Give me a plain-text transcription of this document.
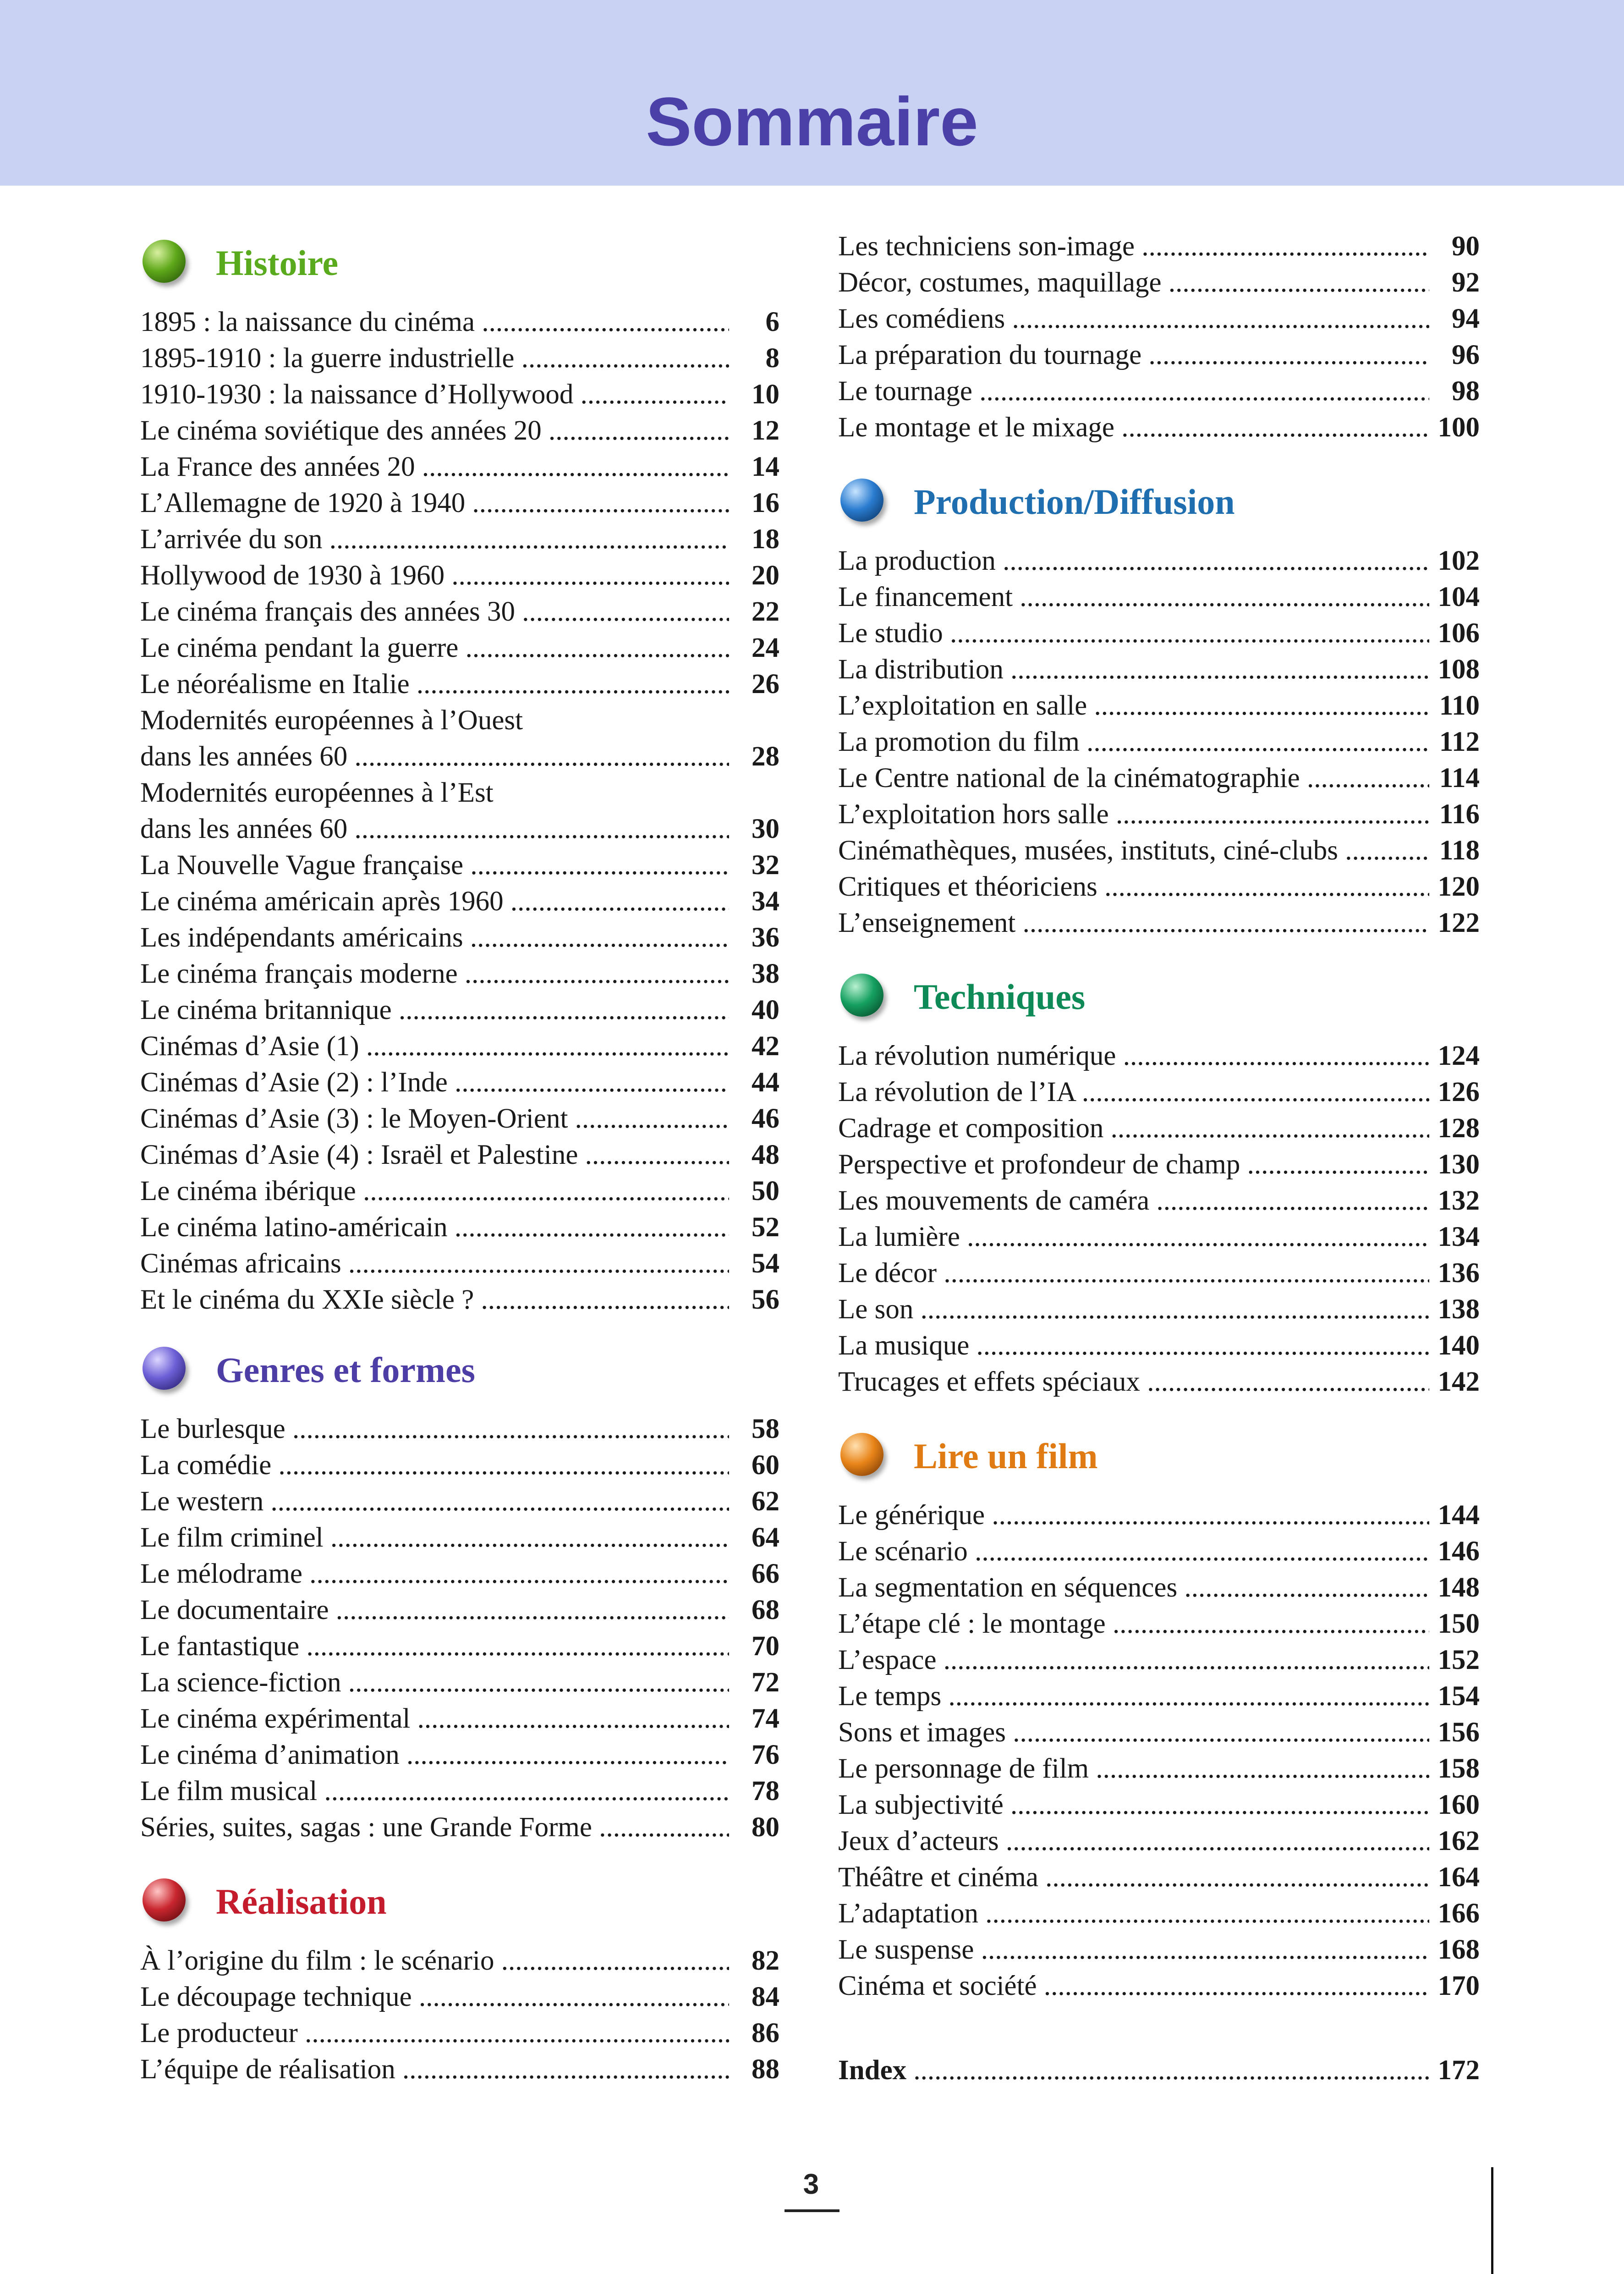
Sommaire
Histoire
1895 : la naissance du cinéma .....	6
1895-1910 : la guerre industrielle .....	8
1910-1930 : la naissance d’Hollywood .....	10
Le cinéma soviétique des années 20 .....	12
La France des années 20 .....	14
L’Allemagne de 1920 à 1940 .....	16
L’arrivée du son .....	18
Hollywood de 1930 à 1960 .....	20
Le cinéma français des années 30 .....	22
Le cinéma pendant la guerre .....	24
Le néoréalisme en Italie .....	26
Modernités européennes à l’Ouest
dans les années 60 .....	28
Modernités européennes à l’Est
dans les années 60 .....	30
La Nouvelle Vague française .....	32
Le cinéma américain après 1960 .....	34
Les indépendants américains .....	36
Le cinéma français moderne .....	38
Le cinéma britannique .....	40
Cinémas d’Asie (1) .....	42
Cinémas d’Asie (2) : l’Inde .....	44
Cinémas d’Asie (3) : le Moyen-Orient .....	46
Cinémas d’Asie (4) : Israël et Palestine .....	48
Le cinéma ibérique .....	50
Le cinéma latino-américain .....	52
Cinémas africains .....	54
Et le cinéma du XXIe siècle ? .....	56
Genres et formes
Le burlesque .....	58
La comédie .....	60
Le western .....	62
Le film criminel .....	64
Le mélodrame .....	66
Le documentaire .....	68
Le fantastique .....	70
La science-fiction .....	72
Le cinéma expérimental .....	74
Le cinéma d’animation .....	76
Le film musical .....	78
Séries, suites, sagas : une Grande Forme .....	80
Réalisation
À l’origine du film : le scénario .....	82
Le découpage technique .....	84
Le producteur .....	86
L’équipe de réalisation .....	88
Les techniciens son-image .....	90
Décor, costumes, maquillage .....	92
Les comédiens .....	94
La préparation du tournage .....	96
Le tournage .....	98
Le montage et le mixage .....	100
Production/Diffusion
La production .....	102
Le financement .....	104
Le studio .....	106
La distribution .....	108
L’exploitation en salle .....	110
La promotion du film .....	112
Le Centre national de la cinématographie .....	114
L’exploitation hors salle .....	116
Cinémathèques, musées, instituts, ciné-clubs .....	118
Critiques et théoriciens .....	120
L’enseignement .....	122
Techniques
La révolution numérique .....	124
La révolution de l’IA .....	126
Cadrage et composition .....	128
Perspective et profondeur de champ .....	130
Les mouvements de caméra .....	132
La lumière .....	134
Le décor .....	136
Le son .....	138
La musique .....	140
Trucages et effets spéciaux .....	142
Lire un film
Le générique .....	144
Le scénario .....	146
La segmentation en séquences .....	148
L’étape clé : le montage .....	150
L’espace .....	152
Le temps .....	154
Sons et images .....	156
Le personnage de film .....	158
La subjectivité .....	160
Jeux d’acteurs .....	162
Théâtre et cinéma .....	164
L’adaptation .....	166
Le suspense .....	168
Cinéma et société .....	170
Index .....	172
3
